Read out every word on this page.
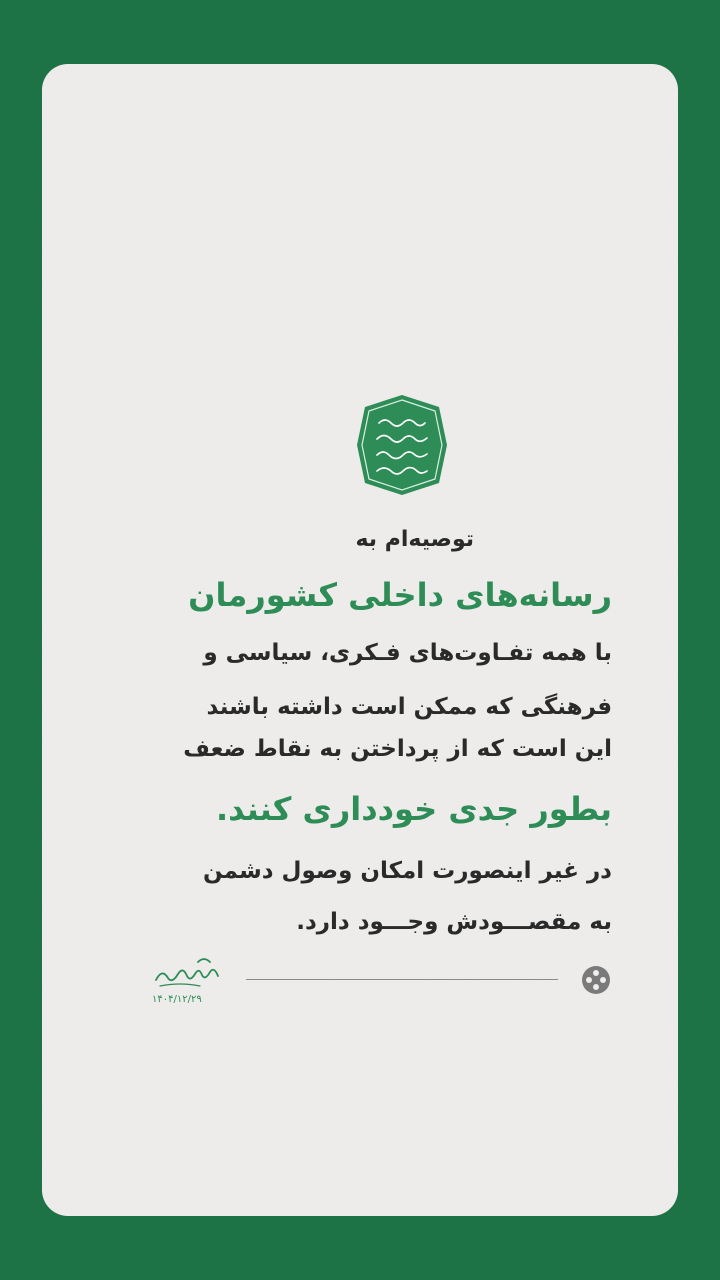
توصیه‌ام به
رسانه‌های داخلی کشورمان
با همه تفـاوت‌های فـکری، سیاسی و
فرهنگی که ممکن است داشته باشند
این است که از پرداختن به نقاط ضعف
بطور جدی خودداری کنند.
در غیر اینصورت امکان وصول دشمن
به مقصـــودش وجـــود دارد.
۱۴۰۴/۱۲/۲۹
